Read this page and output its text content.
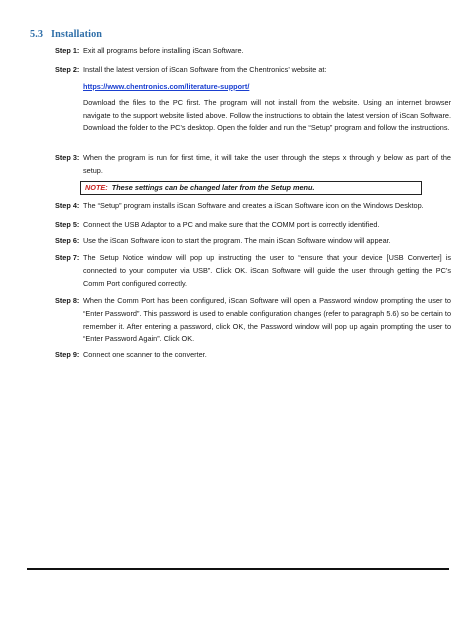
5.3 Installation
Step 1: Exit all programs before installing iScan Software.
Step 2: Install the latest version of iScan Software from the Chentronics’ website at:
https://www.chentronics.com/literature-support/
Download the files to the PC first. The program will not install from the website. Using an internet browser navigate to the support website listed above. Follow the instructions to obtain the latest version of iScan Software. Download the folder to the PC’s desktop. Open the folder and run the “Setup” program and follow the instructions.
Step 3: When the program is run for first time, it will take the user through the steps x through y below as part of the setup.
NOTE: These settings can be changed later from the Setup menu.
Step 4: The “Setup” program installs iScan Software and creates a iScan Software icon on the Windows Desktop.
Step 5: Connect the USB Adaptor to a PC and make sure that the COMM port is correctly identified.
Step 6: Use the iScan Software icon to start the program. The main iScan Software window will appear.
Step 7: The Setup Notice window will pop up instructing the user to “ensure that your device [USB Converter] is connected to your computer via USB”. Click OK. iScan Software will guide the user through getting the PC’s Comm Port configured correctly.
Step 8: When the Comm Port has been configured, iScan Software will open a Password window prompting the user to “Enter Password”. This password is used to enable configuration changes (refer to paragraph 5.6) so be certain to remember it. After entering a password, click OK, the Password window will pop up again prompting the user to “Enter Password Again”. Click OK.
Step 9: Connect one scanner to the converter.
